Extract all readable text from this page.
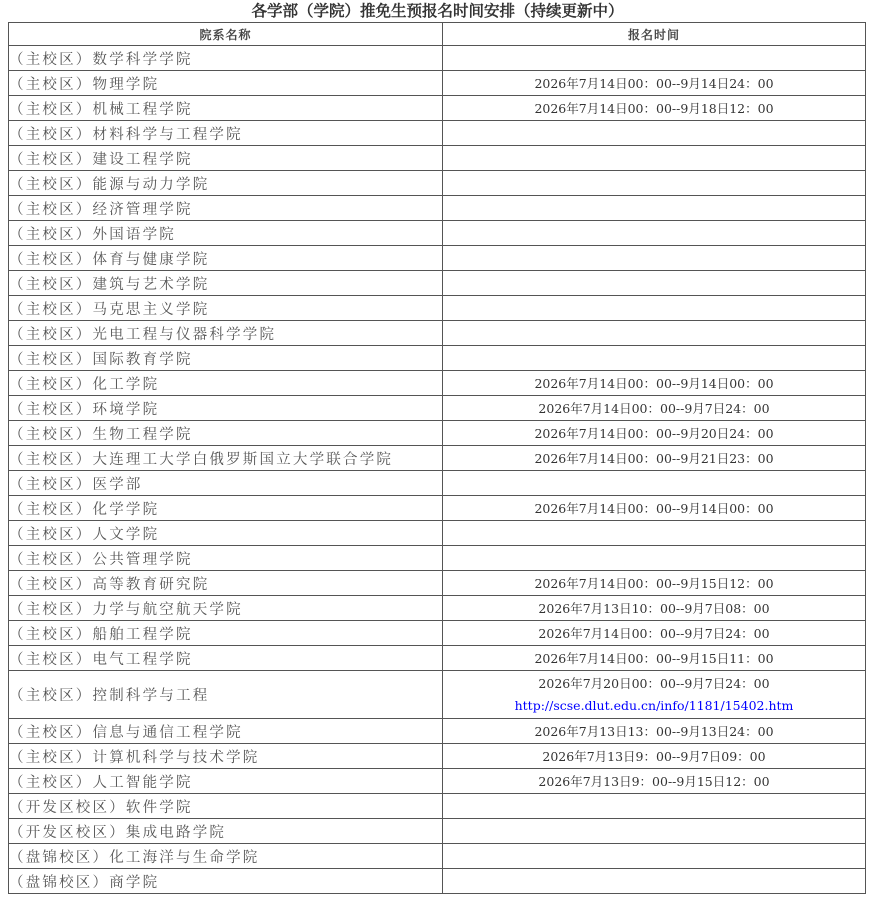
各学部（学院）推免生预报名时间安排（持续更新中）
院系名称	报名时间
（主校区）数学科学学院	
（主校区）物理学院	2026年7月14日00：00--9月14日24：00
（主校区）机械工程学院	2026年7月14日00：00--9月18日12：00
（主校区）材料科学与工程学院	
（主校区）建设工程学院	
（主校区）能源与动力学院	
（主校区）经济管理学院	
（主校区）外国语学院	
（主校区）体育与健康学院	
（主校区）建筑与艺术学院	
（主校区）马克思主义学院	
（主校区）光电工程与仪器科学学院	
（主校区）国际教育学院	
（主校区）化工学院	2026年7月14日00：00--9月14日00：00
（主校区）环境学院	2026年7月14日00：00--9月7日24：00
（主校区）生物工程学院	2026年7月14日00：00--9月20日24：00
（主校区）大连理工大学白俄罗斯国立大学联合学院	2026年7月14日00：00--9月21日23：00
（主校区）医学部	
（主校区）化学学院	2026年7月14日00：00--9月14日00：00
（主校区）人文学院	
（主校区）公共管理学院	
（主校区）高等教育研究院	2026年7月14日00：00--9月15日12：00
（主校区）力学与航空航天学院	2026年7月13日10：00--9月7日08：00
（主校区）船舶工程学院	2026年7月14日00：00--9月7日24：00
（主校区）电气工程学院	2026年7月14日00：00--9月15日11：00
（主校区）控制科学与工程	2026年7月20日00：00--9月7日24：00
http://scse.dlut.edu.cn/info/1181/15402.htm

（主校区）信息与通信工程学院	2026年7月13日13：00--9月13日24：00
（主校区）计算机科学与技术学院	2026年7月13日9：00--9月7日09：00
（主校区）人工智能学院	2026年7月13日9：00--9月15日12：00
（开发区校区）软件学院	
（开发区校区）集成电路学院	
（盘锦校区）化工海洋与生命学院	
（盘锦校区）商学院	
